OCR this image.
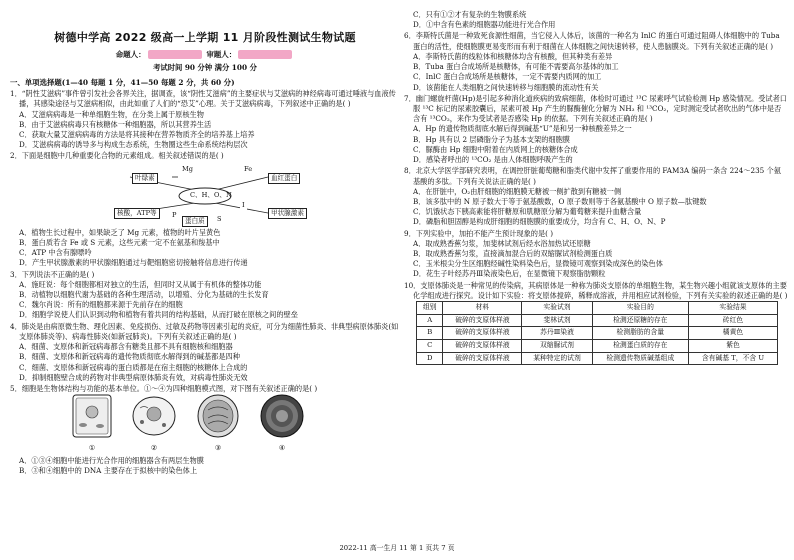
树德中学高 2022 级高一上学期 11 月阶段性测试生物试题
命题人：	审题人：
考试时间 90 分钟 满分 100 分
一、单项选择题(1—40 每题 1 分，41—50 每题 2 分，共 60 分)
1．“阴性艾滋病”事件曾引发社会各界关注，据调查，该“阴性艾滋病”的主要症状与艾滋病的神经病毒可通过唾液与血液传播，其感染途径与艾滋病相似，由此如重了人们的“恐艾”心理。关于艾滋病病毒，下列叙述中正确的是( )
A．艾滋病病毒是一种单细胞生物，在分类上属于原核生物
B．由于艾滋病病毒只有核糖体一种细胞器，所以其营养生活
C．获取大量艾滋病病毒的方法是将其接种在营养物质齐全的培养基上培养
D．艾滋病病毒的诱导多与构成生态系统，生物圈这些生命系统结构层次
2．下面是细胞中几种重要化合物的元素组成。相关叙述错误的是( )
Mg	Fe
叶绿素	血红蛋白
C、H、O、N
核酸，ATP等	P
I
甲状腺激素
S
蛋白质
A．植物生长过程中，如果缺乏了 Mg 元素，植物的叶片呈黄色
B．蛋白质若含 Fe 或 S 元素，这些元素一定不在氨基和羧基中
C．ATP 中含有腺嘌呤
D．产生甲状腺激素的甲状腺细胞通过与靶细胞密切接触将信息进行传递
3．下列说法不正确的是( )
A．施旺说：每个细胞都相对独立的生活，但同时又从属于有机体的整体功能
B．动植物以细胞代谢为基础的各种生理活动，以增殖、分化为基础的生长发育
C．魏尔肖说：所有的细胞都来源于先前存在的细胞
D．细胞学说使人们认识到动物和植物有着共同的结构基础，从而打破在原核之间的壁垒
4．肺炎是由病原微生物、理化因素、免疫损伤、过敏及药物等因素引起的炎症，可分为细菌性肺炎、非典型病原体肺炎(如支原体肺炎等)、病毒性肺炎(如新冠肺炎)。下列有关叙述正确的是( )
A．细菌、支原体和新冠病毒都含有糖类且都不具有细胞核和细胞器
B．细菌、支原体和新冠病毒的遗传物质彻底水解得到的碱基都是四种
C．细菌、支原体和新冠病毒的蛋白质都是在宿主细胞的核糖体上合成的
D．抑制细胞壁合成的药物对非典型病原体肺炎有效，对病毒性肺炎无效
5．细胞是生物体结构与功能的基本单位。①～④为四种细胞模式图，对下图有关叙述正确的是( )
①	②	③	④
A．①③④细胞中能进行光合作用的细胞器含有两层生物膜
B．③和④细胞中的 DNA 主要存在于拟核中的染色体上
C．只有①②才有复杂的生物膜系统
D．①中含有色素的细胞器功能进行光合作用
6．李斯特氏菌是一种致死食源性细菌，当它侵入人体后，该菌的一种名为 InlC 的蛋白可通过阻碍人体细胞中的 Tuba 蛋白的活性，使细胞膜更易变形而有利于细菌在人体细胞之间快速转移，使人患脑膜炎。下列有关叙述正确的是( )
A．李斯特氏菌的线粒体和核糖体均含有核酸，但其种类有差异
B．Tuba 蛋白合成场所是核糖体，有可能不需要高尔基体的加工
C．InlC 蛋白合成场所是核糖体，一定不需要内质网的加工
D．该菌能在人类细胞之间快速转移与细胞膜的流动性有关
7．幽门螺旋杆菌(Hp)是引起多种消化道疾病的致病细菌，体检时可通过 ¹³C 尿素呼气试验检测 Hp 感染情况。受试者口服 ¹³C 标记的尿素胶囊后，尿素可被 Hp 产生的脲酶催化分解为 NH₃ 和 ¹³CO₂，定时测定受试者吹出的气体中是否含有 ¹³CO₂，来作为受试者是否感染 Hp 的依据。下列有关叙述正确的是( )
A．Hp 的遗传物质彻底水解后得到碱基“U”是和另一种核酸差异之一
B．Hp 具有以 2 层磷脂分子为基本支架的细胞膜
C．脲酶由 Hp 细胞中附着在内质网上的核糖体合成
D．感染者呼出的 ¹³CO₂ 是由人体细胞呼吸产生的
8．北京大学医学部研究表明，在调控肝脏葡萄糖和脂类代谢中发挥了重要作用的 FAM3A 编码一条含 224～235 个氨基酸的多肽。下列有关说法正确的是( )
A．在肝脏中，O₂由肝细胞的细胞膜无糖被一侧扩散到有糖被一侧
B．该多肽中的 N 原子数大于等于氨基酸数，O 原子数则等于各氨基酸中 O 原子数—肽键数
C．饥饿状态下胰高素能将肝糖原和肌糖原分解为葡萄糖来提升血糖含量
D．磷脂和胆固醇是构成肝细胞的细胞膜的重要成分，均含有 C、H、O、N、P
9．下列实验中，加拍不能产生预计现象的是( )
A．取成熟香蕉匀浆，加斐林试剂后经水浴加热试还原糖
B．取成熟香蕉匀浆，直接滴加混合后的双缩脲试剂检测蛋白质
C．玉米根尖分生区细胞经碱性染料染色后，显微镜可观察到染成深色的染色体
D．花生子叶经苏丹Ⅲ染液染色后，在显微镜下观察脂肪颗粒
10．支原体肺炎是一种常见的传染病，其病原体是一种称为肺炎支原体的单细胞生物，某生物兴趣小组就该支原体的主要化学组成进行探究。设计如下实验：将支原体搅碎，稀释成溶液，并用相应试剂检验，下列有关实验的叙述正确的是( )
组别	材料	实验试剂	实验目的	实验结果
A	破碎的支原体样液	斐林试剂	检测还原糖的存在	砖红色
B	破碎的支原体样液	苏丹Ⅲ染液	检测脂肪的含量	橘黄色
C	破碎的支原体样液	双缩脲试剂	检测蛋白质的存在	紫色
D	破碎的支原体样液	某种特定的试剂	检测遗传物质碱基组成	含有碱基 T，不含 U
2022-11 高一生月 11 第 1 页共 7 页
